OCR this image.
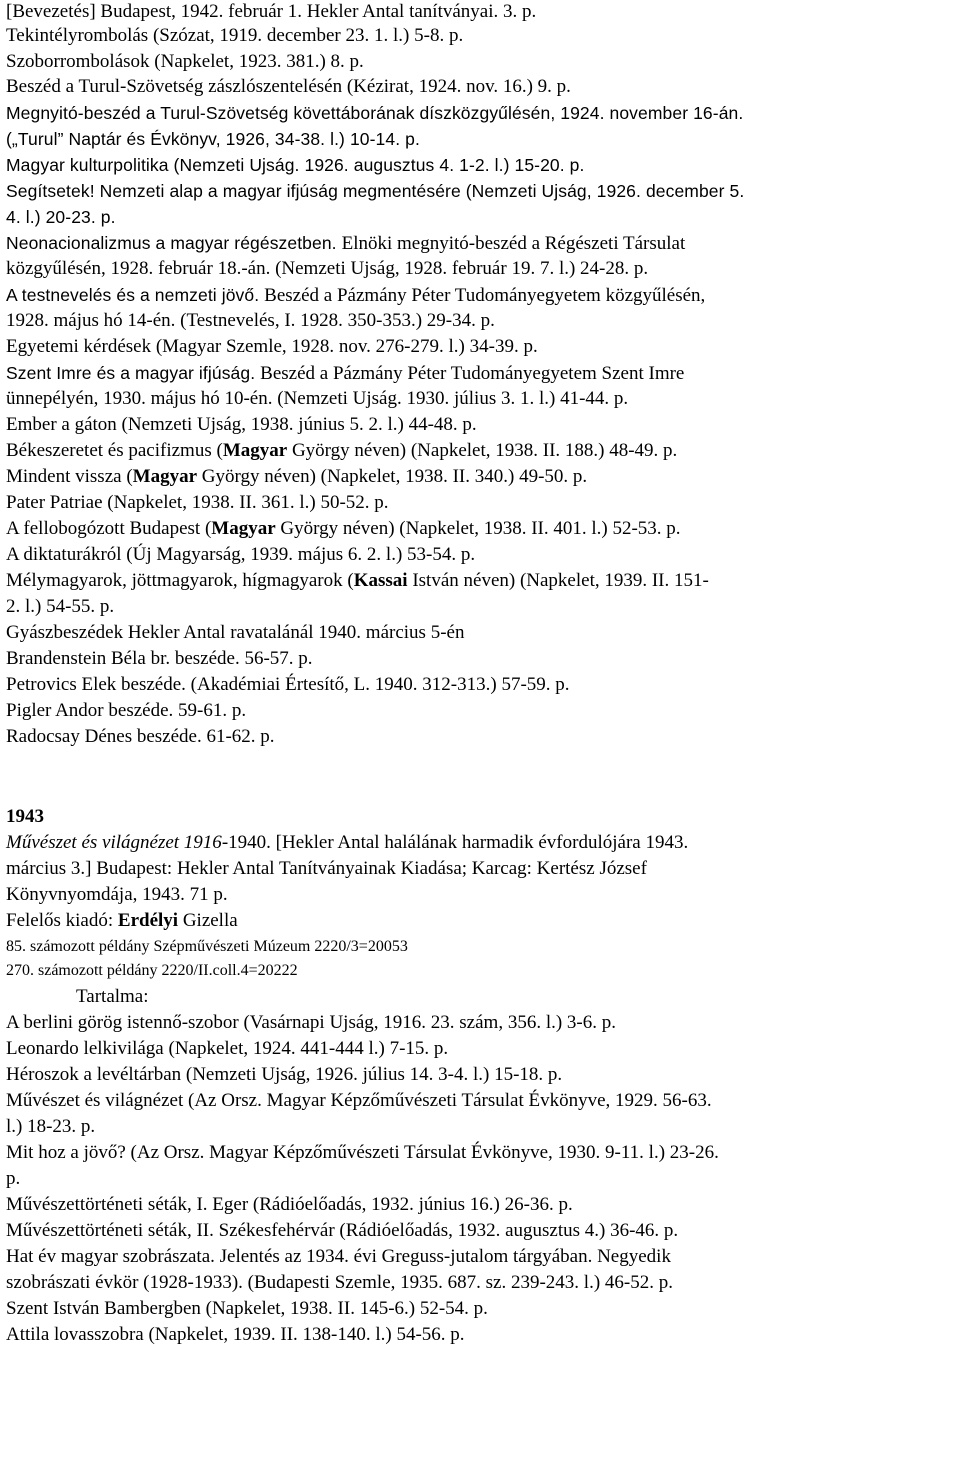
[Bevezetés] Budapest, 1942. február 1. Hekler Antal tanítványai. 3. p.
Tekintélyrombolás (Szózat, 1919. december 23. 1. l.) 5-8. p.
Szoborrombolások (Napkelet, 1923. 381.) 8. p.
Beszéd a Turul-Szövetség zászlószentelésén (Kézirat, 1924. nov. 16.) 9. p.
Megnyitó-beszéd a Turul-Szövetség követtáborának díszközgyűlésén, 1924. november 16-án.
(„Turul” Naptár és Évkönyv, 1926, 34-38. l.) 10-14. p.
Magyar kulturpolitika (Nemzeti Ujság. 1926. augusztus 4. 1-2. l.) 15-20. p.
Segítsetek! Nemzeti alap a magyar ifjúság megmentésére (Nemzeti Ujság, 1926. december 5.
4. l.) 20-23. p.
Neonacionalizmus a magyar régészetben. Elnöki megnyitó-beszéd a Régészeti Társulat
közgyűlésén, 1928. február 18.-án. (Nemzeti Ujság, 1928. február 19. 7. l.) 24-28. p.
A testnevelés és a nemzeti jövő. Beszéd a Pázmány Péter Tudományegyetem közgyűlésén,
1928. május hó 14-én. (Testnevelés, I. 1928. 350-353.) 29-34. p.
Egyetemi kérdések (Magyar Szemle, 1928. nov. 276-279. l.) 34-39. p.
Szent Imre és a magyar ifjúság. Beszéd a Pázmány Péter Tudományegyetem Szent Imre
ünnepélyén, 1930. május hó 10-én. (Nemzeti Ujság. 1930. július 3. 1. l.) 41-44. p.
Ember a gáton (Nemzeti Ujság, 1938. június 5. 2. l.) 44-48. p.
Békeszeretet és pacifizmus (Magyar György néven) (Napkelet, 1938. II. 188.) 48-49. p.
Mindent vissza (Magyar György néven) (Napkelet, 1938. II. 340.) 49-50. p.
Pater Patriae (Napkelet, 1938. II. 361. l.) 50-52. p.
A fellobogózott Budapest (Magyar György néven) (Napkelet, 1938. II. 401. l.) 52-53. p.
A diktaturákról (Új Magyarság, 1939. május 6. 2. l.) 53-54. p.
Mélymagyarok, jöttmagyarok, hígmagyarok (Kassai István néven) (Napkelet, 1939. II. 151-
2. l.) 54-55. p.
Gyászbeszédek Hekler Antal ravatalánál 1940. március 5-én
Brandenstein Béla br. beszéde. 56-57. p.
Petrovics Elek beszéde. (Akadémiai Értesítő, L. 1940. 312-313.) 57-59. p.
Pigler Andor beszéde. 59-61. p.
Radocsay Dénes beszéde. 61-62. p.
1943
Művészet és világnézet 1916-1940. [Hekler Antal halálának harmadik évfordulójára 1943.
március 3.] Budapest: Hekler Antal Tanítványainak Kiadása; Karcag: Kertész József
Könyvnyomdája, 1943. 71 p.
Felelős kiadó: Erdélyi Gizella
85. számozott példány Szépművészeti Múzeum 2220/3=20053
270. számozott példány 2220/II.coll.4=20222
Tartalma:
A berlini görög istennő-szobor (Vasárnapi Ujság, 1916. 23. szám, 356. l.) 3-6. p.
Leonardo lelkivilága (Napkelet, 1924. 441-444 l.) 7-15. p.
Héroszok a levéltárban (Nemzeti Ujság, 1926. július 14. 3-4. l.) 15-18. p.
Művészet és világnézet (Az Orsz. Magyar Képzőművészeti Társulat Évkönyve, 1929. 56-63.
l.) 18-23. p.
Mit hoz a jövő? (Az Orsz. Magyar Képzőművészeti Társulat Évkönyve, 1930. 9-11. l.) 23-26.
p.
Művészettörténeti séták, I. Eger (Rádióelőadás, 1932. június 16.) 26-36. p.
Művészettörténeti séták, II. Székesfehérvár (Rádióelőadás, 1932. augusztus 4.) 36-46. p.
Hat év magyar szobrászata. Jelentés az 1934. évi Greguss-jutalom tárgyában. Negyedik
szobrászati évkör (1928-1933). (Budapesti Szemle, 1935. 687. sz. 239-243. l.) 46-52. p.
Szent István Bambergben (Napkelet, 1938. II. 145-6.) 52-54. p.
Attila lovasszobra (Napkelet, 1939. II. 138-140. l.) 54-56. p.
